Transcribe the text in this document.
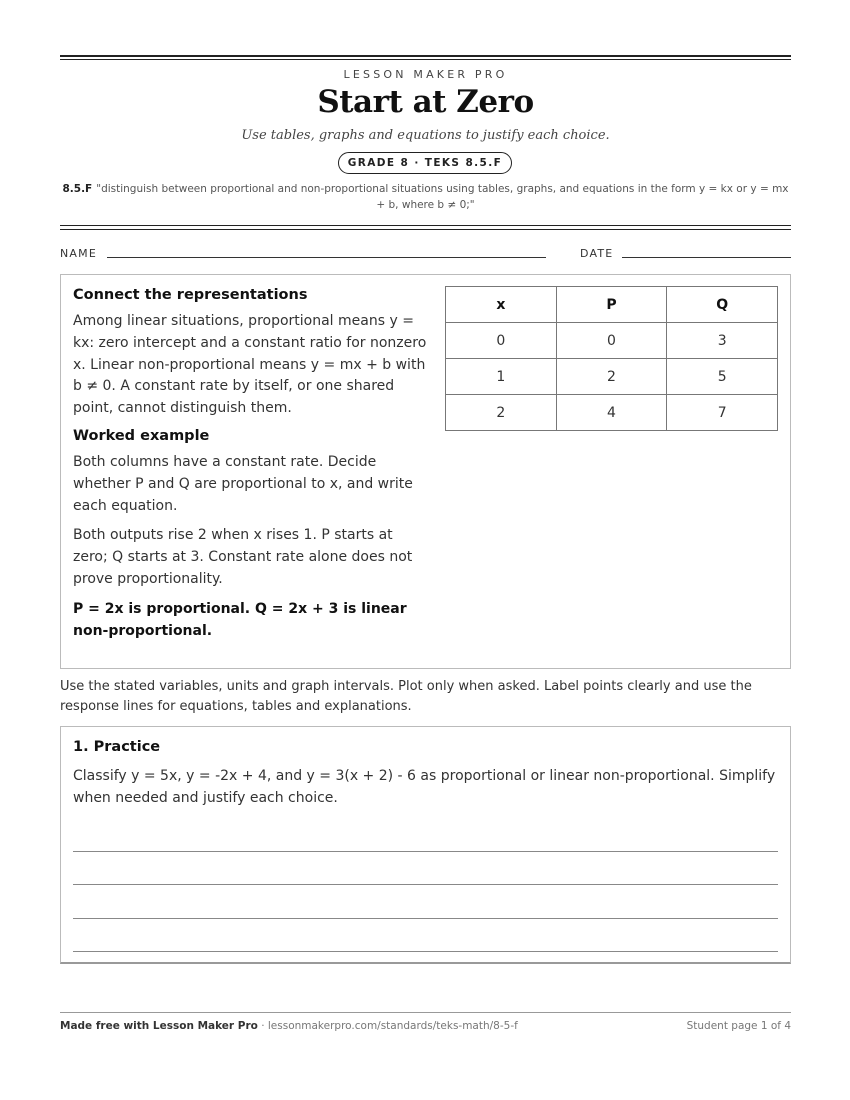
LESSON MAKER PRO
Start at Zero
Use tables, graphs and equations to justify each choice.
GRADE 8 · TEKS 8.5.F
8.5.F "distinguish between proportional and non-proportional situations using tables, graphs, and equations in the form y = kx or y = mx + b, where b ≠ 0;"
NAME	DATE
Connect the representations
Among linear situations, proportional means y = kx: zero intercept and a constant ratio for nonzero x. Linear non-proportional means y = mx + b with b ≠ 0. A constant rate by itself, or one shared point, cannot distinguish them.
Worked example
Both columns have a constant rate. Decide whether P and Q are proportional to x, and write each equation.
Both outputs rise 2 when x rises 1. P starts at zero; Q starts at 3. Constant rate alone does not prove proportionality.
P = 2x is proportional. Q = 2x + 3 is linear non-proportional.
x	P	Q
0	0	3
1	2	5
2	4	7
Use the stated variables, units and graph intervals. Plot only when asked. Label points clearly and use the response lines for equations, tables and explanations.
1. Practice
Classify y = 5x, y = -2x + 4, and y = 3(x + 2) - 6 as proportional or linear non-proportional. Simplify when needed and justify each choice.
Made free with Lesson Maker Pro · lessonmakerpro.com/standards/teks-math/8-5-f	Student page 1 of 4
